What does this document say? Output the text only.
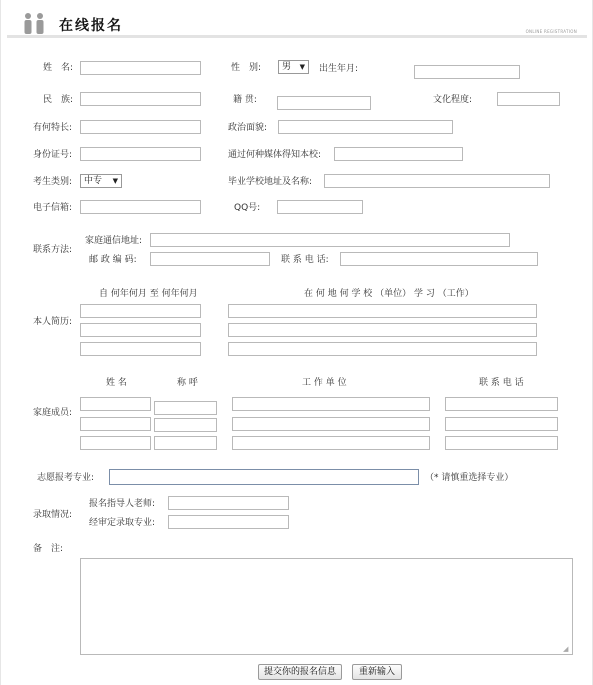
在线报名	ONLINE REGISTRATION
姓　名:	性　别:	男 ▼ 出生年月:
民　族:	籍 贯:	文化程度:
有何特长:	政治面貌:
身份证号:	通过何种媒体得知本校:
考生类别:	中专 ▼	毕业学校地址及名称:
电子信箱:	QQ号:
联系方法:
家庭通信地址:
邮 政 编 码:	联 系 电 话:
自 何年何月 至 何年何月	在 何 地 何 学 校 （单位） 学 习 （工作）
本人简历:
姓 名	称 呼	工 作 单 位	联 系 电 话
家庭成员:
志愿报考专业:	（* 请慎重选择专业）
录取情况:
报名指导人老师:
经审定录取专业:
备　注:
◢
提交你的报名信息	重新输入
